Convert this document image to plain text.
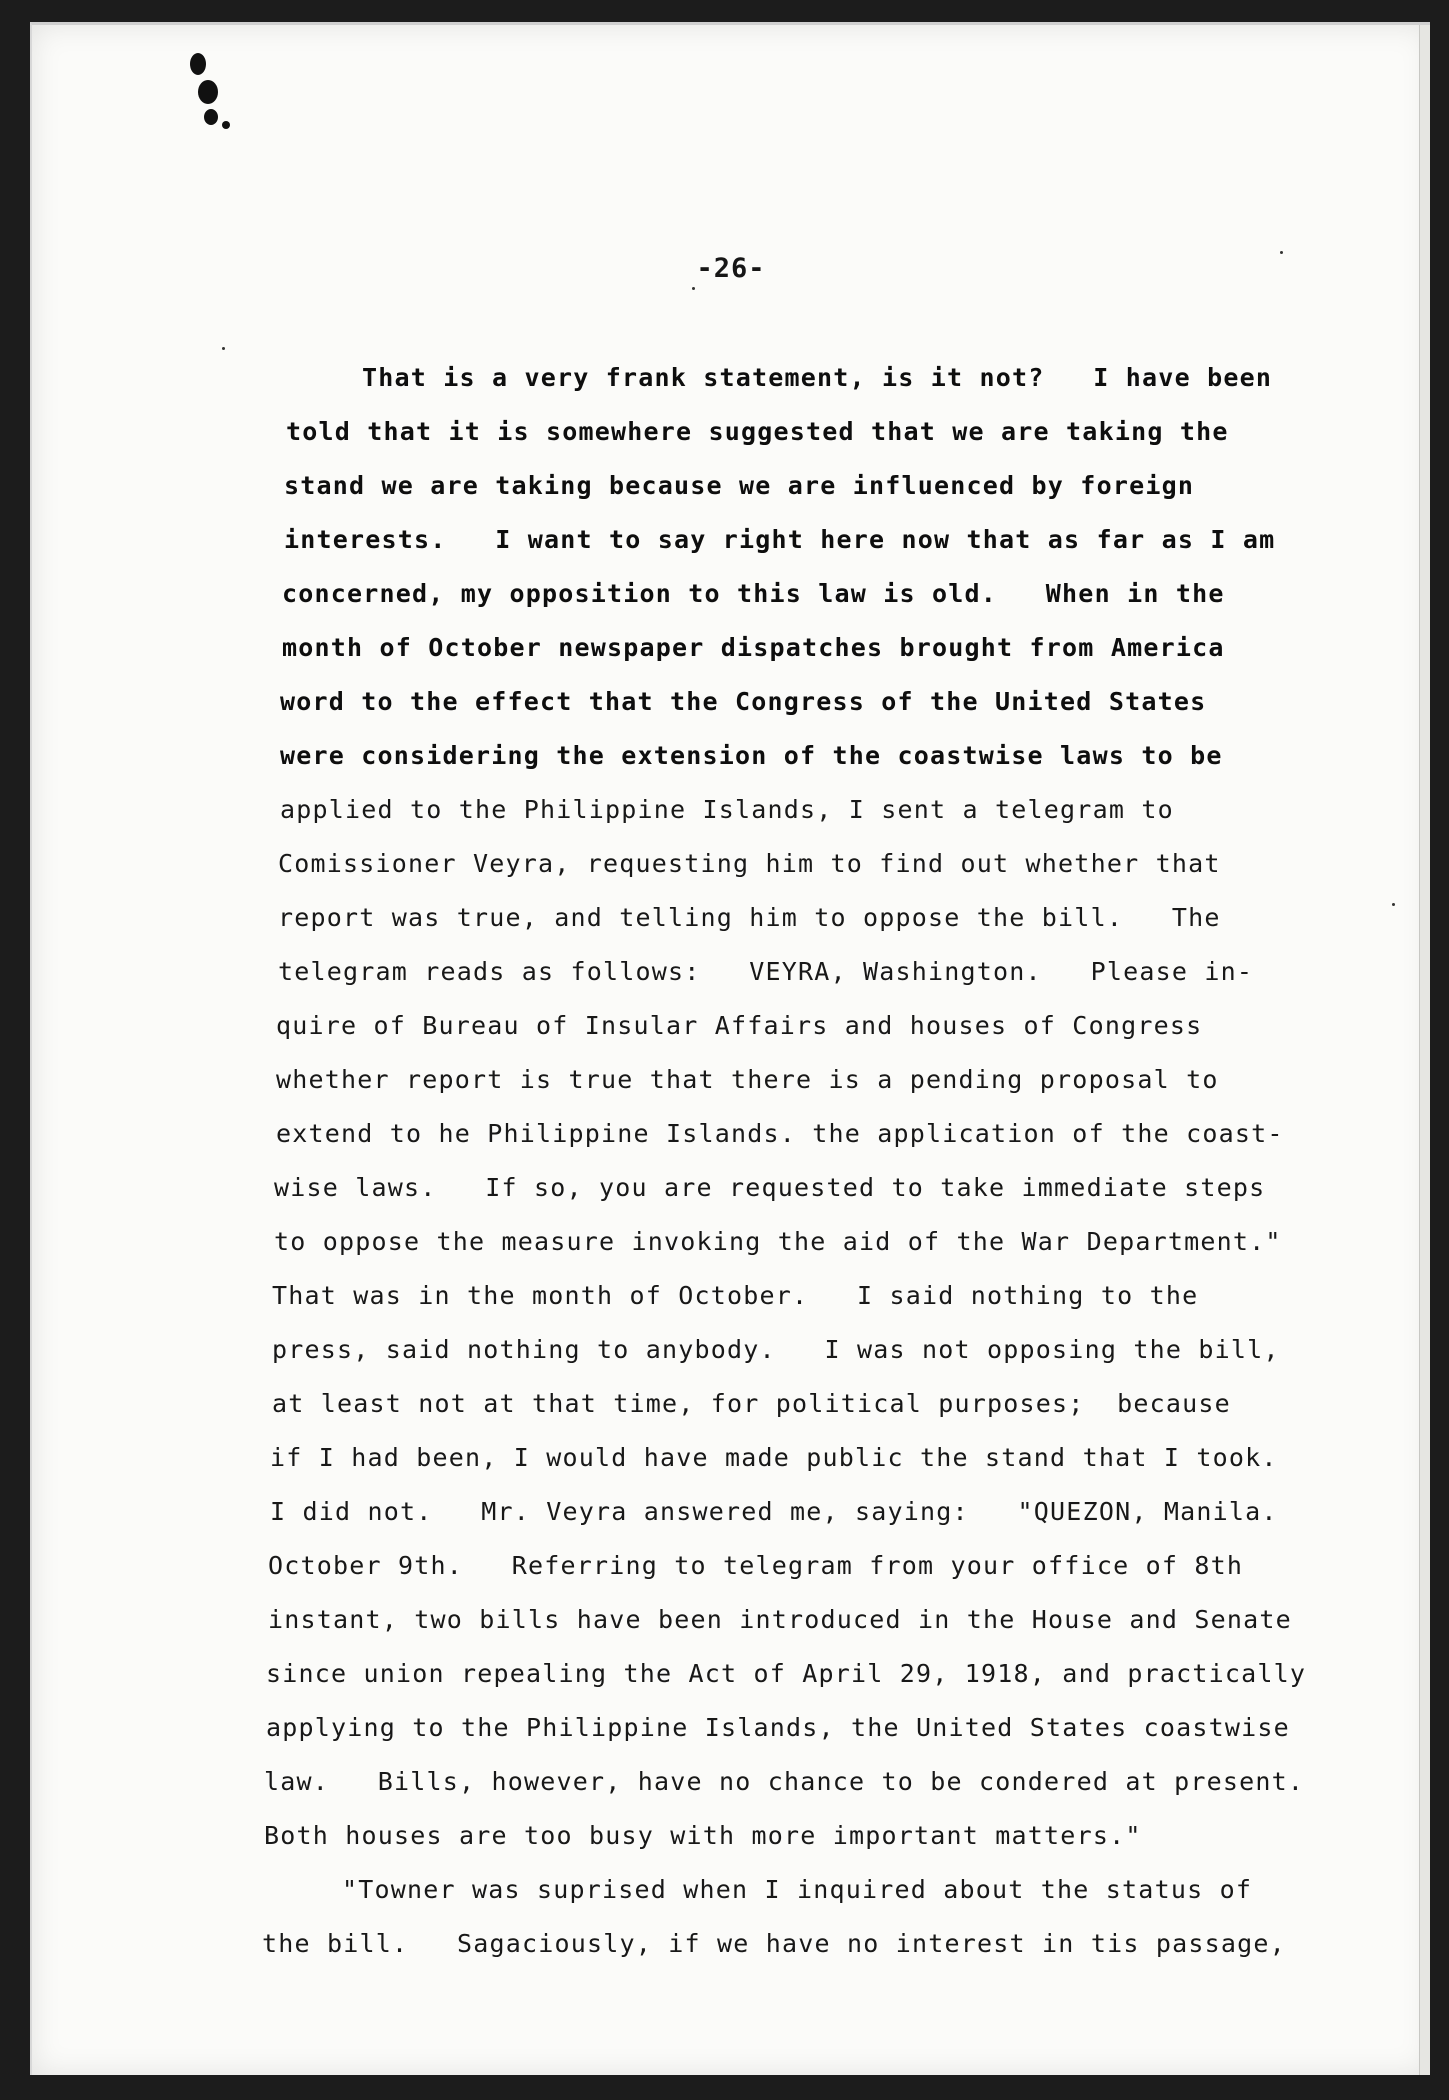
-26-
That is a very frank statement, is it not?   I have been
told that it is somewhere suggested that we are taking the
stand we are taking because we are influenced by foreign
interests.   I want to say right here now that as far as I am
concerned, my opposition to this law is old.   When in the
month of October newspaper dispatches brought from America
word to the effect that the Congress of the United States
were considering the extension of the coastwise laws to be
applied to the Philippine Islands, I sent a telegram to
Comissioner Veyra, requesting him to find out whether that
report was true, and telling him to oppose the bill.   The
telegram reads as follows:   VEYRA, Washington.   Please in-
quire of Bureau of Insular Affairs and houses of Congress
whether report is true that there is a pending proposal to
extend to he Philippine Islands. the application of the coast-
wise laws.   If so, you are requested to take immediate steps
to oppose the measure invoking the aid of the War Department."
That was in the month of October.   I said nothing to the
press, said nothing to anybody.   I was not opposing the bill,
at least not at that time, for political purposes;  because
if I had been, I would have made public the stand that I took.
I did not.   Mr. Veyra answered me, saying:   "QUEZON, Manila.
October 9th.   Referring to telegram from your office of 8th
instant, two bills have been introduced in the House and Senate
since union repealing the Act of April 29, 1918, and practically
applying to the Philippine Islands, the United States coastwise
law.   Bills, however, have no chance to be condered at present.
Both houses are too busy with more important matters."
"Towner was suprised when I inquired about the status of
the bill.   Sagaciously, if we have no interest in tis passage,
